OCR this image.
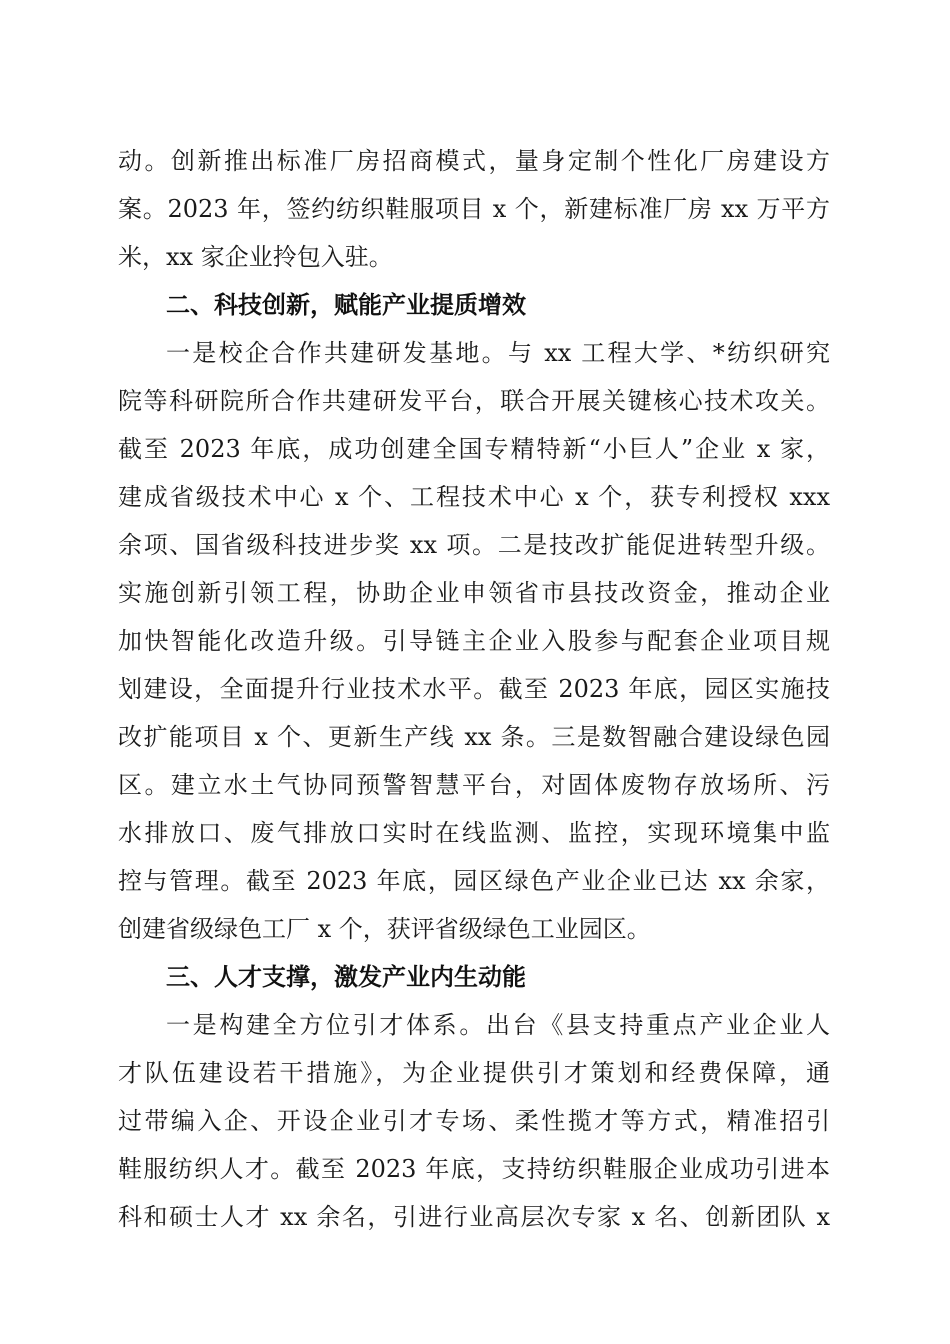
动。创新推出标准厂房招商模式，量身定制个性化厂房建设方
案。2023 年，签约纺织鞋服项目 x 个，新建标准厂房 xx 万平方
米，xx 家企业拎包入驻。
二、科技创新，赋能产业提质增效
一是校企合作共建研发基地。与 xx 工程大学、*纺织研究
院等科研院所合作共建研发平台，联合开展关键核心技术攻关。
截至 2023 年底，成功创建全国专精特新“小巨人”企业 x 家，
建成省级技术中心 x 个、工程技术中心 x 个，获专利授权 xxx
余项、国省级科技进步奖 xx 项。二是技改扩能促进转型升级。
实施创新引领工程，协助企业申领省市县技改资金，推动企业
加快智能化改造升级。引导链主企业入股参与配套企业项目规
划建设，全面提升行业技术水平。截至 2023 年底，园区实施技
改扩能项目 x 个、更新生产线 xx 条。三是数智融合建设绿色园
区。建立水土气协同预警智慧平台，对固体废物存放场所、污
水排放口、废气排放口实时在线监测、监控，实现环境集中监
控与管理。截至 2023 年底，园区绿色产业企业已达 xx 余家，
创建省级绿色工厂 x 个，获评省级绿色工业园区。
三、人才支撑，激发产业内生动能
一是构建全方位引才体系。出台《县支持重点产业企业人
才队伍建设若干措施》，为企业提供引才策划和经费保障，通
过带编入企、开设企业引才专场、柔性揽才等方式，精准招引
鞋服纺织人才。截至 2023 年底，支持纺织鞋服企业成功引进本
科和硕士人才 xx 余名，引进行业高层次专家 x 名、创新团队 x
